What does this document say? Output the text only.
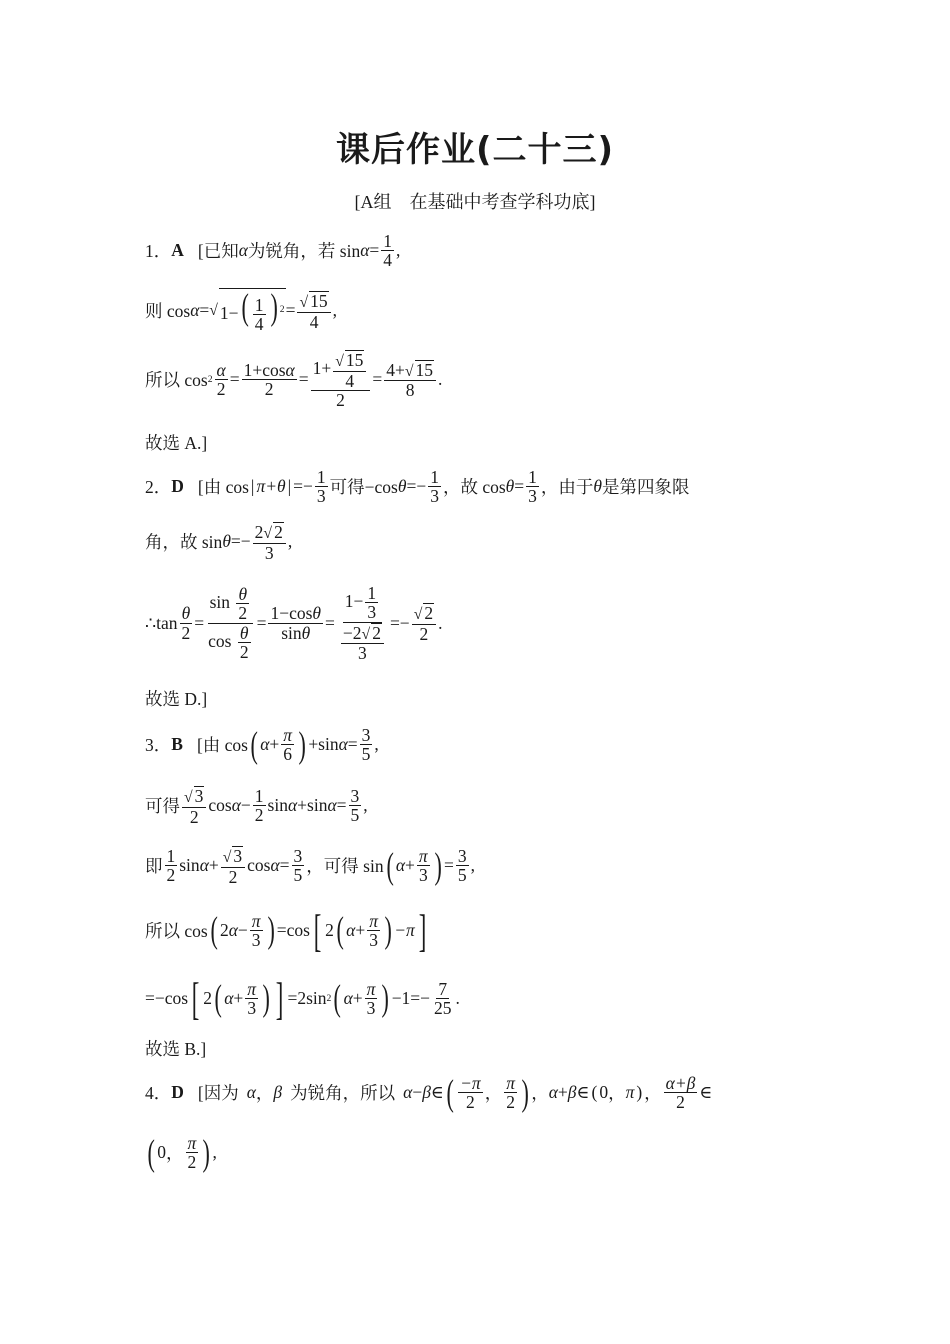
课后作业(二十三)
[A组　在基础中考查学科功底]
1． A [已知 α 为锐角，若 $\sin \alpha = \frac{1}{4}$ ,
则 cos α = √ $1-( \frac{1}{4}$ ) $^2 = \frac{√ 15}{4}$ ,
所以 $\cos 2 \frac{\alpha}{2} = \frac{1+\cos\alpha}{2} = \frac{1+ \frac{√ 15}{4}}{2} = \frac{4+√ 15}{8}$ .
故选 A.]
2． D [由 cos | π+θ | =− $\frac{1}{3}$ 可得−cos $\theta =- \frac{1}{3}$ ，故 $\cos \theta = \frac{1}{3}$ ，由于 θ 是第四象限
角，故 $\sin \theta =- \frac{2√ 2}{3}$ ,
∴tan $\frac{\theta}{2} = \frac{\sin \frac{\theta}{2}}{\cos \frac{\theta}{2}} = \frac{1-\cos\theta}{\sin\theta} = \frac{1- \frac{1}{3}}{\frac{-2√ 2}{3}} =- \frac{√ 2}{2}$ .
故选 D.]
3． B [由 cos ( $\alpha + \frac{\pi}{6}$ ) +sin $\alpha = \frac{3}{5}$ ,
可得 $\frac{√ 3}{2}$ $\cos \alpha - \frac{1}{2}$ sin α +sin $\alpha = \frac{3}{5}$ ,
即 $\frac{1}{2}$ $\sin \alpha + \frac{√ 3}{2}$ $\cos \alpha = \frac{3}{5}$ ，可得 sin ( $\alpha + \frac{\pi}{3}$ ) = $\frac{3}{5}$ ,
所以 cos ( 2 $\alpha - \frac{\pi}{3}$ ) =cos [ 2 ( $\alpha + \frac{\pi}{3}$ ) −π ]
=−cos [ 2 ( $\alpha + \frac{\pi}{3}$ ) ] =2sin 2 ( $\alpha + \frac{\pi}{3}$ ) $-1=- \frac{7}{25}$ .
故选 B.]
4． D [因为 α ， β 为锐角，所以 α − β ∈ ( $\frac{-\pi}{2}$ ， $\frac{\pi}{2}$ ) ， α + β ∈ ( 0 ， π ) ， $\frac{\alpha+\beta}{2}$ ∈
( 0 ， $\frac{\pi}{2}$ ) ,
